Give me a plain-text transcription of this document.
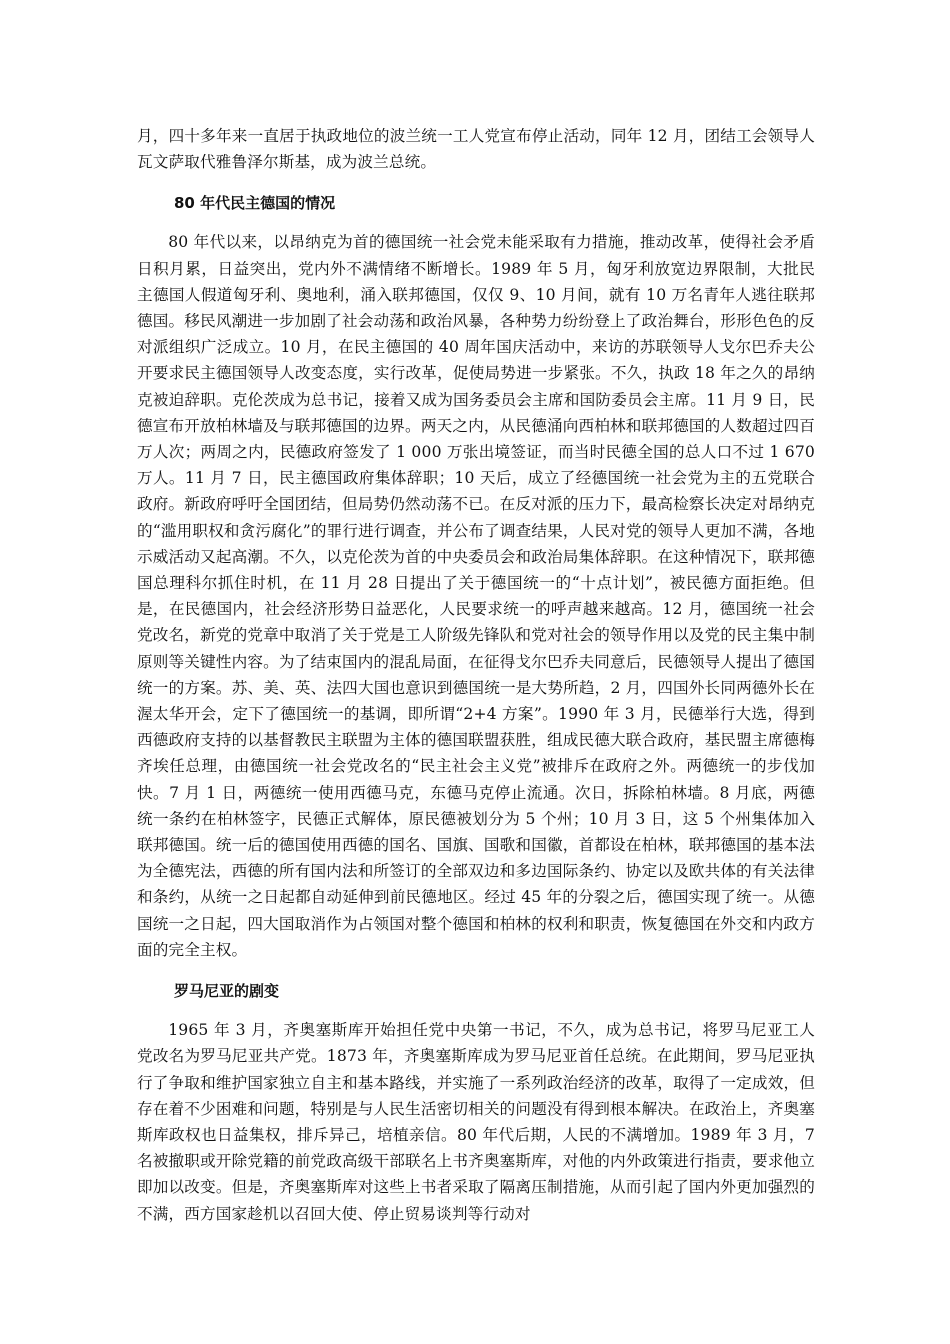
月，四十多年来一直居于执政地位的波兰统一工人党宣布停止活动，同年 12 月，团结工会领导人瓦文萨取代雅鲁泽尔斯基，成为波兰总统。

80 年代民主德国的情况

80 年代以来，以昂纳克为首的德国统一社会党未能采取有力措施，推动改革，使得社会矛盾日积月累，日益突出，党内外不满情绪不断增长。1989 年 5 月，匈牙利放宽边界限制，大批民主德国人假道匈牙利、奥地利，涌入联邦德国，仅仅 9、10 月间，就有 10 万名青年人逃往联邦德国。移民风潮进一步加剧了社会动荡和政治风暴，各种势力纷纷登上了政治舞台，形形色色的反对派组织广泛成立。10 月，在民主德国的 40 周年国庆活动中，来访的苏联领导人戈尔巴乔夫公开要求民主德国领导人改变态度，实行改革，促使局势进一步紧张。不久，执政 18 年之久的昂纳克被迫辞职。克伦茨成为总书记，接着又成为国务委员会主席和国防委员会主席。11 月 9 日，民德宣布开放柏林墙及与联邦德国的边界。两天之内，从民德涌向西柏林和联邦德国的人数超过四百万人次；两周之内，民德政府签发了 1 000 万张出境签证，而当时民德全国的总人口不过 1 670 万人。11 月 7 日，民主德国政府集体辞职；10 天后，成立了经德国统一社会党为主的五党联合政府。新政府呼吁全国团结，但局势仍然动荡不已。在反对派的压力下，最高检察长决定对昂纳克的“滥用职权和贪污腐化”的罪行进行调查，并公布了调查结果，人民对党的领导人更加不满，各地示威活动又起高潮。不久，以克伦茨为首的中央委员会和政治局集体辞职。在这种情况下，联邦德国总理科尔抓住时机，在 11 月 28 日提出了关于德国统一的“十点计划”，被民德方面拒绝。但是，在民德国内，社会经济形势日益恶化，人民要求统一的呼声越来越高。12 月，德国统一社会党改名，新党的党章中取消了关于党是工人阶级先锋队和党对社会的领导作用以及党的民主集中制原则等关键性内容。为了结束国内的混乱局面，在征得戈尔巴乔夫同意后，民德领导人提出了德国统一的方案。苏、美、英、法四大国也意识到德国统一是大势所趋，2 月，四国外长同两德外长在渥太华开会，定下了德国统一的基调，即所谓“2+4 方案”。1990 年 3 月，民德举行大选，得到西德政府支持的以基督教民主联盟为主体的德国联盟获胜，组成民德大联合政府，基民盟主席德梅齐埃任总理，由德国统一社会党改名的“民主社会主义党”被排斥在政府之外。两德统一的步伐加快。7 月 1 日，两德统一使用西德马克，东德马克停止流通。次日，拆除柏林墙。8 月底，两德统一条约在柏林签字，民德正式解体，原民德被划分为 5 个州；10 月 3 日，这 5 个州集体加入联邦德国。统一后的德国使用西德的国名、国旗、国歌和国徽，首都设在柏林，联邦德国的基本法为全德宪法，西德的所有国内法和所签订的全部双边和多边国际条约、协定以及欧共体的有关法律和条约，从统一之日起都自动延伸到前民德地区。经过 45 年的分裂之后，德国实现了统一。从德国统一之日起，四大国取消作为占领国对整个德国和柏林的权利和职责，恢复德国在外交和内政方面的完全主权。

罗马尼亚的剧变

1965 年 3 月，齐奥塞斯库开始担任党中央第一书记，不久，成为总书记，将罗马尼亚工人党改名为罗马尼亚共产党。1873 年，齐奥塞斯库成为罗马尼亚首任总统。在此期间，罗马尼亚执行了争取和维护国家独立自主和基本路线，并实施了一系列政治经济的改革，取得了一定成效，但存在着不少困难和问题，特别是与人民生活密切相关的问题没有得到根本解决。在政治上，齐奥塞斯库政权也日益集权，排斥异己，培植亲信。80 年代后期，人民的不满增加。1989 年 3 月，7 名被撤职或开除党籍的前党政高级干部联名上书齐奥塞斯库，对他的内外政策进行指责，要求他立即加以改变。但是，齐奥塞斯库对这些上书者采取了隔离压制措施，从而引起了国内外更加强烈的不满，西方国家趁机以召回大使、停止贸易谈判等行动对
